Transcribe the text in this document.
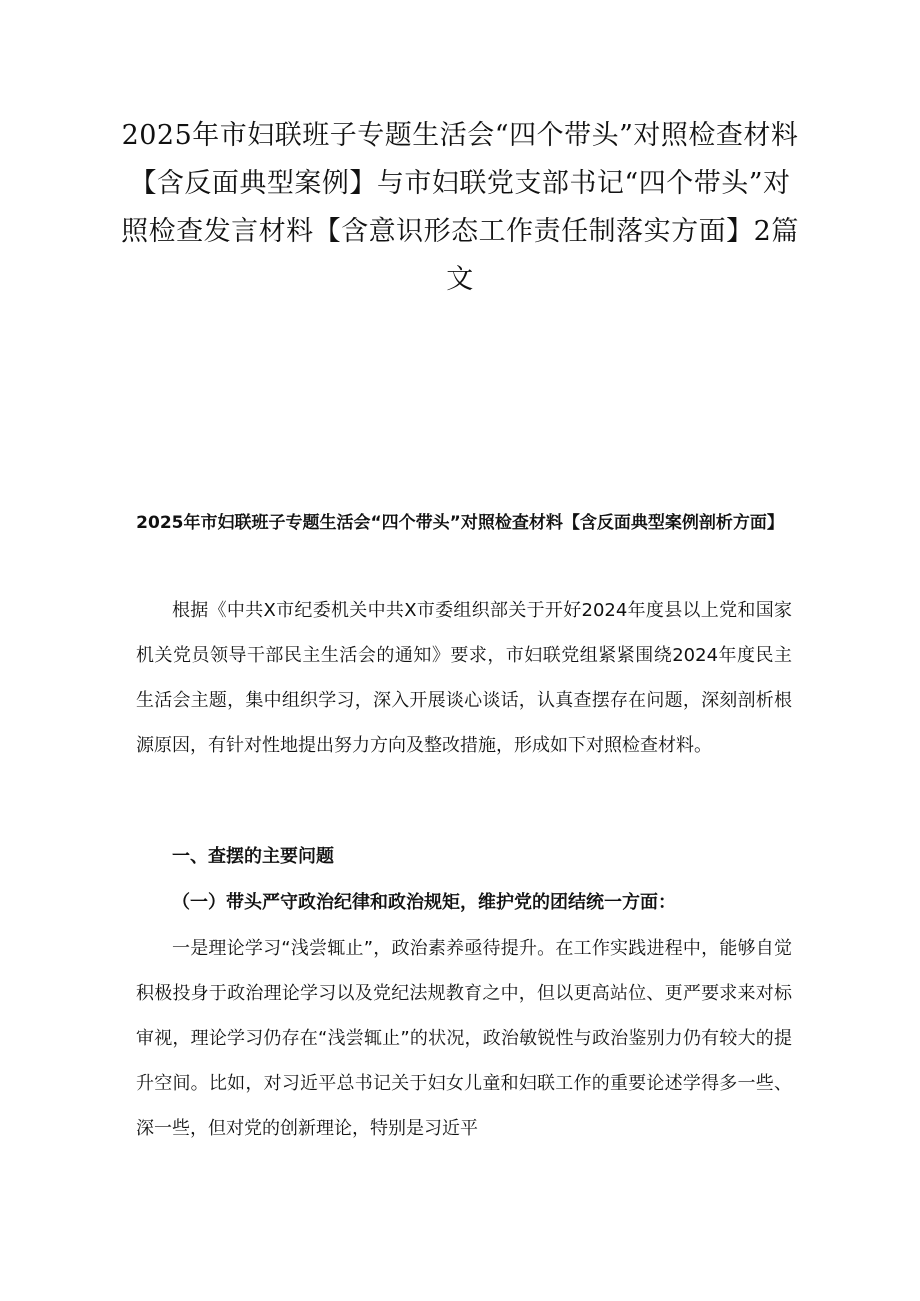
2025年市妇联班子专题生活会“四个带头”对照检查材料【含反面典型案例】与市妇联党支部书记“四个带头”对照检查发言材料【含意识形态工作责任制落实方面】2篇文
2025年市妇联班子专题生活会“四个带头”对照检查材料【含反面典型案例剖析方面】

根据《中共X市纪委机关中共X市委组织部关于开好2024年度县以上党和国家机关党员领导干部民主生活会的通知》要求，市妇联党组紧紧围绕2024年度民主生活会主题，集中组织学习，深入开展谈心谈话，认真查摆存在问题，深刻剖析根源原因，有针对性地提出努力方向及整改措施，形成如下对照检查材料。

一、查摆的主要问题

（一）带头严守政治纪律和政治规矩，维护党的团结统一方面：

一是理论学习“浅尝辄止”，政治素养亟待提升。在工作实践进程中，能够自觉积极投身于政治理论学习以及党纪法规教育之中，但以更高站位、更严要求来对标审视，理论学习仍存在“浅尝辄止”的状况，政治敏锐性与政治鉴别力仍有较大的提升空间。比如，对习近平总书记关于妇女儿童和妇联工作的重要论述学得多一些、深一些，但对党的创新理论，特别是习近平
